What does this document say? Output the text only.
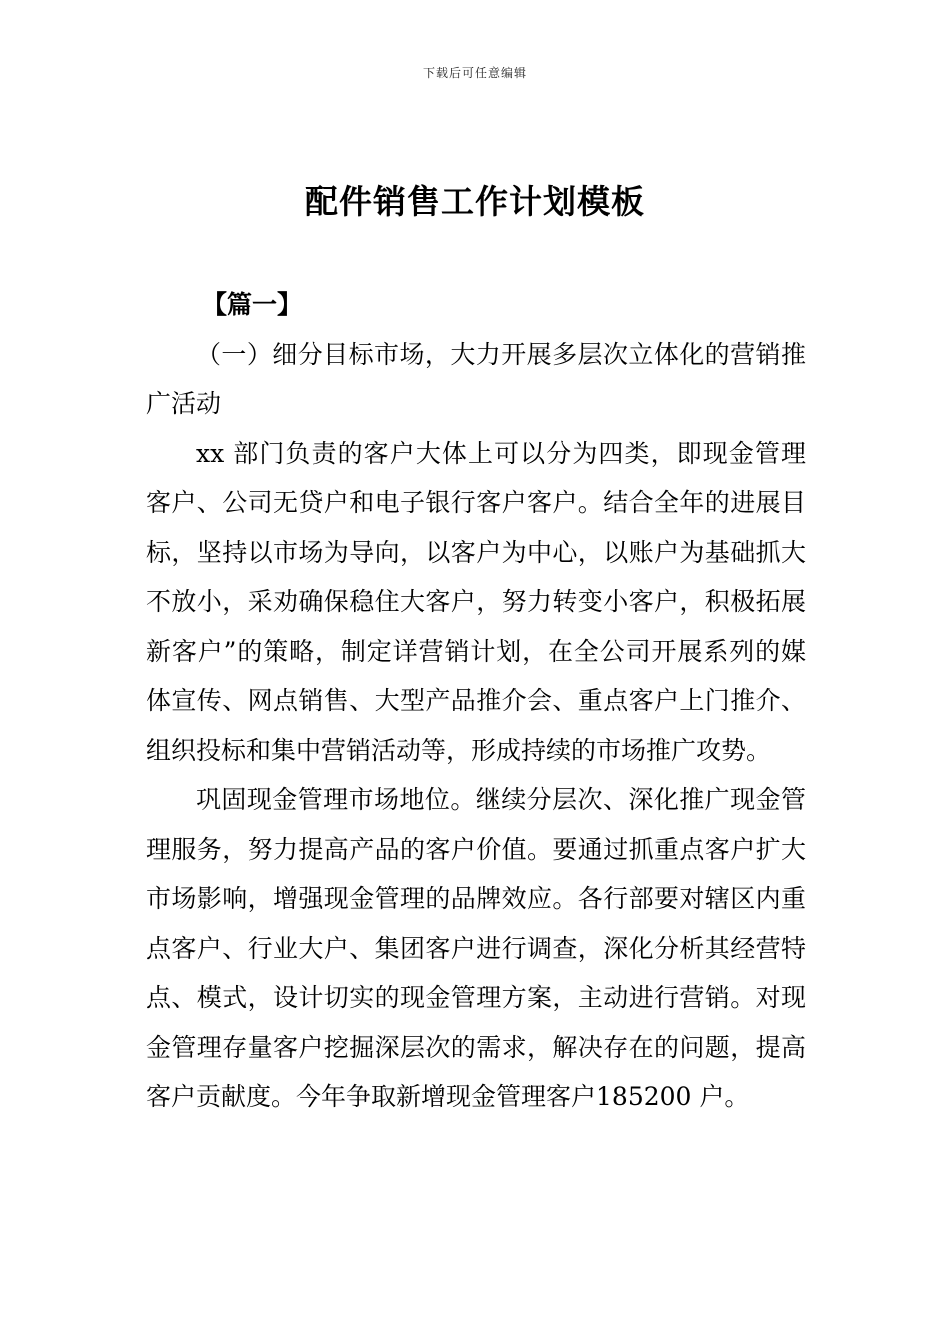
下载后可任意编辑
配件销售工作计划模板

【篇一】

（一）细分目标市场，大力开展多层次立体化的营销推广活动

xx 部门负责的客户大体上可以分为四类，即现金管理客户、公司无贷户和电子银行客户客户。结合全年的进展目标，坚持以市场为导向，以客户为中心，以账户为基础抓大不放小，采劝确保稳住大客户，努力转变小客户，积极拓展新客户”的策略，制定详营销计划，在全公司开展系列的媒体宣传、网点销售、大型产品推介会、重点客户上门推介、组织投标和集中营销活动等，形成持续的市场推广攻势。

巩固现金管理市场地位。继续分层次、深化推广现金管理服务，努力提高产品的客户价值。要通过抓重点客户扩大市场影响，增强现金管理的品牌效应。各行部要对辖区内重点客户、行业大户、集团客户进行调查，深化分析其经营特点、模式，设计切实的现金管理方案，主动进行营销。对现金管理存量客户挖掘深层次的需求，解决存在的问题，提高客户贡献度。今年争取新增现金管理客户185200 户。
